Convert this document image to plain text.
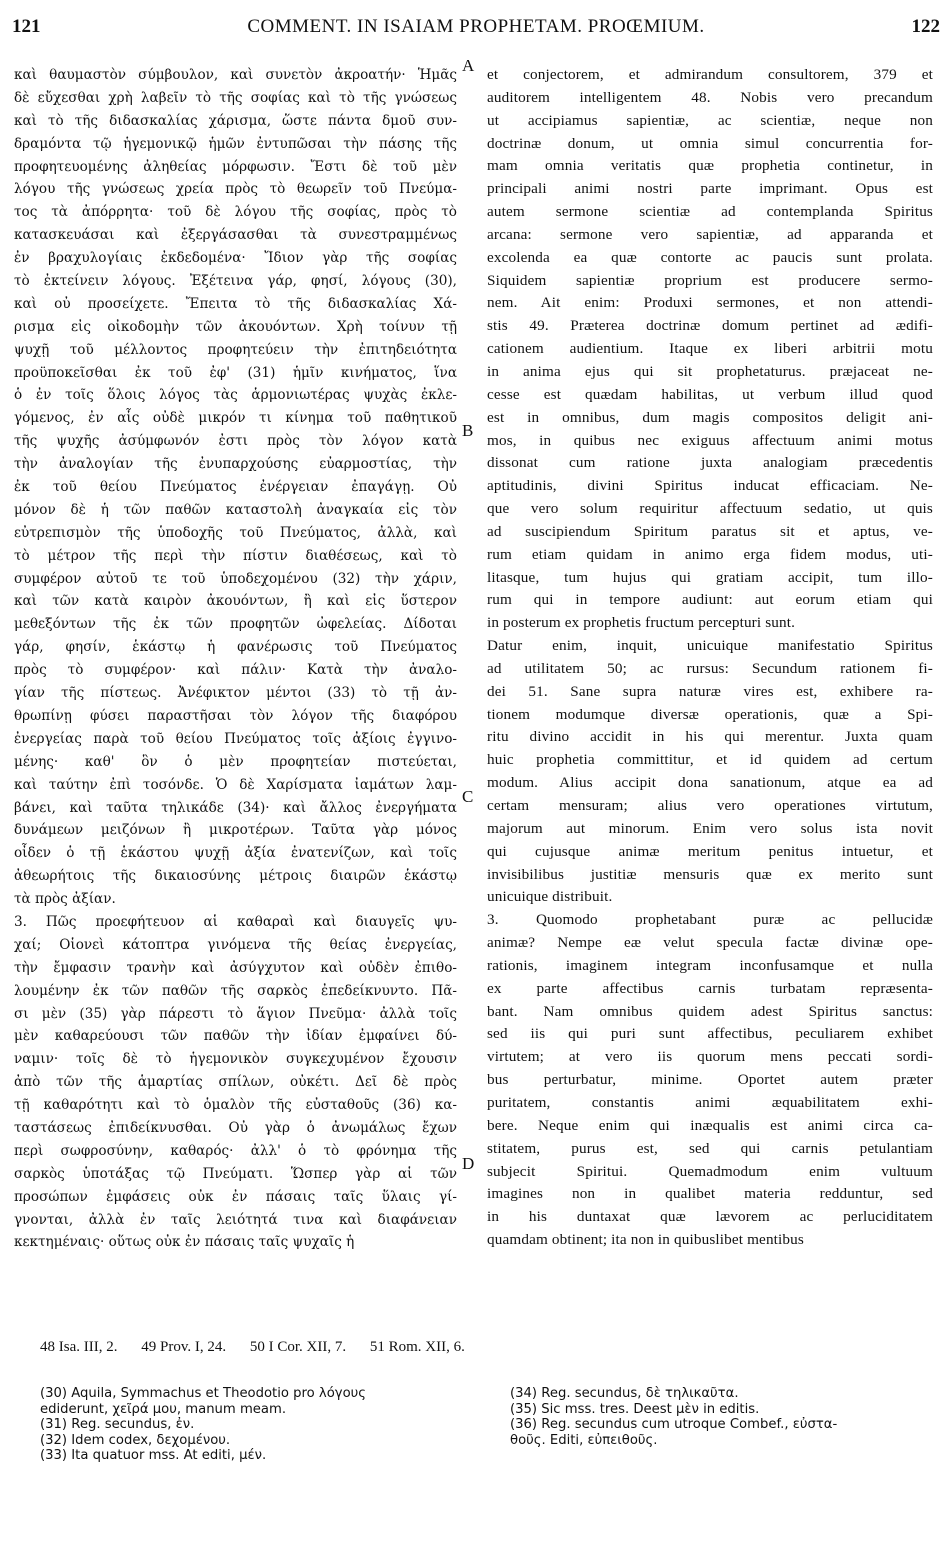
121	COMMENT. IN ISAIAM PROPHETAM. PROŒMIUM.	122
καὶ θαυμαστὸν σύμβουλον, καὶ συνετὸν ἀκροατήν· Ἡμᾶς
δὲ εὔχεσθαι χρὴ λαβεῖν τὸ τῆς σοφίας καὶ τὸ τῆς γνώσεως
καὶ τὸ τῆς διδασκαλίας χάρισμα, ὥστε πάντα δμοῦ συν-
δραμόντα τῷ ἡγεμονικῷ ἡμῶν ἐντυπῶσαι τὴν πάσης τῆς
προφητευομένης ἀληθείας μόρφωσιν. Ἔστι δὲ τοῦ μὲν
λόγου τῆς γνώσεως χρεία πρὸς τὸ θεωρεῖν τοῦ Πνεύμα-
τος τὰ ἀπόρρητα· τοῦ δὲ λόγου τῆς σοφίας, πρὸς τὸ
κατασκευάσαι καὶ ἐξεργάσασθαι τὰ συνεστραμμένως
ἐν βραχυλογίαις ἐκδεδομένα· Ἴδιον γὰρ τῆς σοφίας
τὸ ἐκτείνειν λόγους. Ἐξέτεινα γάρ, φησί, λόγους (30),
καὶ οὐ προσείχετε. Ἔπειτα τὸ τῆς διδασκαλίας Χά-
ρισμα εἰς οἰκοδομὴν τῶν ἀκουόντων. Χρὴ τοίνυν τῇ
ψυχῇ τοῦ μέλλοντος προφητεύειν τὴν ἐπιτηδειότητα
προϋποκεῖσθαι ἐκ τοῦ ἐφ' (31) ἡμῖν κινήματος, ἵνα
ὁ ἐν τοῖς ὅλοις λόγος τὰς ἁρμονιωτέρας ψυχὰς ἐκλε-
γόμενος, ἐν αἷς οὐδὲ μικρόν τι κίνημα τοῦ παθητικοῦ
τῆς ψυχῆς ἀσύμφωνόν ἐστι πρὸς τὸν λόγον κατὰ
τὴν ἀναλογίαν τῆς ἐνυπαρχούσης εὐαρμοστίας, τὴν
ἐκ τοῦ θείου Πνεύματος ἐνέργειαν ἐπαγάγῃ. Οὐ
μόνον δὲ ἡ τῶν παθῶν καταστολὴ ἀναγκαία εἰς τὸν
εὐτρεπισμὸν τῆς ὑποδοχῆς τοῦ Πνεύματος, ἀλλὰ, καὶ
τὸ μέτρον τῆς περὶ τὴν πίστιν διαθέσεως, καὶ τὸ
συμφέρον αὐτοῦ τε τοῦ ὑποδεχομένου (32) τὴν χάριν,
καὶ τῶν κατὰ καιρὸν ἀκουόντων, ἢ καὶ εἰς ὕστερον
μεθεξόντων τῆς ἐκ τῶν προφητῶν ὠφελείας. Δίδοται
γάρ, φησίν, ἑκάστῳ ἡ φανέρωσις τοῦ Πνεύματος
πρὸς τὸ συμφέρον· καὶ πάλιν· Κατὰ τὴν ἀναλο-
γίαν τῆς πίστεως. Ἀνέφικτον μέντοι (33) τὸ τῇ ἀν-
θρωπίνῃ φύσει παραστῆσαι τὸν λόγον τῆς διαφόρου
ἐνεργείας παρὰ τοῦ θείου Πνεύματος τοῖς ἀξίοις ἐγγινο-
μένης· καθ' ὃν ὁ μὲν προφητείαν πιστεύεται,
καὶ ταύτην ἐπὶ τοσόνδε. Ὁ δὲ Χαρίσματα ἰαμάτων λαμ-
βάνει, καὶ ταῦτα τηλικάδε (34)· καὶ ἄλλος ἐνεργήματα
δυνάμεων μειζόνων ἢ μικροτέρων. Ταῦτα γὰρ μόνος
οἶδεν ὁ τῇ ἑκάστου ψυχῇ ἀξία ἐνατενίζων, καὶ τοῖς
ἀθεωρήτοις τῆς δικαιοσύνης μέτροις διαιρῶν ἑκάστῳ
τὰ πρὸς ἀξίαν.
3. Πῶς προεφήτευον αἱ καθαραὶ καὶ διαυγεῖς ψυ-
χαί; Οἱονεὶ κάτοπτρα γινόμενα τῆς θείας ἐνεργείας,
τὴν ἔμφασιν τρανὴν καὶ ἀσύγχυτον καὶ οὐδὲν ἐπιθο-
λουμένην ἐκ τῶν παθῶν τῆς σαρκὸς ἐπεδείκνυντο. Πᾶ-
σι μὲν (35) γὰρ πάρεστι τὸ ἅγιον Πνεῦμα· ἀλλὰ τοῖς
μὲν καθαρεύουσι τῶν παθῶν τὴν ἰδίαν ἐμφαίνει δύ-
ναμιν· τοῖς δὲ τὸ ἡγεμονικὸν συγκεχυμένον ἔχουσιν
ἀπὸ τῶν τῆς ἁμαρτίας σπίλων, οὐκέτι. Δεῖ δὲ πρὸς
τῇ καθαρότητι καὶ τὸ ὁμαλὸν τῆς εὐσταθοῦς (36) κα-
ταστάσεως ἐπιδείκνυσθαι. Οὐ γὰρ ὁ ἀνωμάλως ἔχων
περὶ σωφροσύνην, καθαρός· ἀλλ' ὁ τὸ φρόνημα τῆς
σαρκὸς ὑποτάξας τῷ Πνεύματι. Ὥσπερ γὰρ αἱ τῶν
προσώπων ἐμφάσεις οὐκ ἐν πάσαις ταῖς ὕλαις γί-
γνονται, ἀλλὰ ἐν ταῖς λειότητά τινα καὶ διαφάνειαν
κεκτημέναις· οὕτως οὐκ ἐν πάσαις ταῖς ψυχαῖς ἡ
et conjectorem, et admirandum consultorem, 379 et
auditorem intelligentem 48. Nobis vero precandum
ut accipiamus sapientiæ, ac scientiæ, neque non
doctrinæ donum, ut omnia simul concurrentia for-
mam omnia veritatis quæ prophetia continetur, in
principali animi nostri parte imprimant. Opus est
autem sermone scientiæ ad contemplanda Spiritus
arcana: sermone vero sapientiæ, ad apparanda et
excolenda ea quæ contorte ac paucis sunt prolata.
Siquidem sapientiæ proprium est producere sermo-
nem. Ait enim: Produxi sermones, et non attendi-
stis 49. Præterea doctrinæ domum pertinet ad ædifi-
cationem audientium. Itaque ex liberi arbitrii motu
in anima ejus qui sit prophetaturus. præjaceat ne-
cesse est quædam habilitas, ut verbum illud quod
est in omnibus, dum magis compositos deligit ani-
mos, in quibus nec exiguus affectuum animi motus
dissonat cum ratione juxta analogiam præcedentis
aptitudinis, divini Spiritus inducat efficaciam. Ne-
que vero solum requiritur affectuum sedatio, ut quis
ad suscipiendum Spiritum paratus sit et aptus, ve-
rum etiam quidam in animo erga fidem modus, uti-
litasque, tum hujus qui gratiam accipit, tum illo-
rum qui in tempore audiunt: aut eorum etiam qui
in posterum ex prophetis fructum percepturi sunt.
Datur enim, inquit, unicuique manifestatio Spiritus
ad utilitatem 50; ac rursus: Secundum rationem fi-
dei 51. Sane supra naturæ vires est, exhibere ra-
tionem modumque diversæ operationis, quæ a Spi-
ritu divino accidit in his qui merentur. Juxta quam
huic prophetia committitur, et id quidem ad certum
modum. Alius accipit dona sanationum, atque ea ad
certam mensuram; alius vero operationes virtutum,
majorum aut minorum. Enim vero solus ista novit
qui cujusque animæ meritum penitus intuetur, et
invisibilibus justitiæ mensuris quæ ex merito sunt
unicuique distribuit.
3. Quomodo prophetabant puræ ac pellucidæ
animæ? Nempe eæ velut specula factæ divinæ ope-
rationis, imaginem integram inconfusamque et nulla
ex parte affectibus carnis turbatam repræsenta-
bant. Nam omnibus quidem adest Spiritus sanctus:
sed iis qui puri sunt affectibus, peculiarem exhibet
virtutem; at vero iis quorum mens peccati sordi-
bus perturbatur, minime. Oportet autem præter
puritatem, constantis animi æquabilitatem exhi-
bere. Neque enim qui inæqualis est animi circa ca-
stitatem, purus est, sed qui carnis petulantiam
subjecit Spiritui. Quemadmodum enim vultuum
imagines non in qualibet materia redduntur, sed
in his duntaxat quæ lævorem ac perluciditatem
quamdam obtinent; ita non in quibuslibet mentibus
A
B
C
D
48 Isa. III, 2. 49 Prov. I, 24. 50 I Cor. XII, 7. 51 Rom. XII, 6.
(30) Aquila, Symmachus et Theodotio pro λόγους
ediderunt, χεῖρά μου, manum meam.
(31) Reg. secundus, ἐν.
(32) Idem codex, δεχομένου.
(33) Ita quatuor mss. At editi, μέν.
(34) Reg. secundus, δὲ τηλικαῦτα.
(35) Sic mss. tres. Deest μὲν in editis.
(36) Reg. secundus cum utroque Combef., εὐστα-
θοῦς. Editi, εὐπειθοῦς.
